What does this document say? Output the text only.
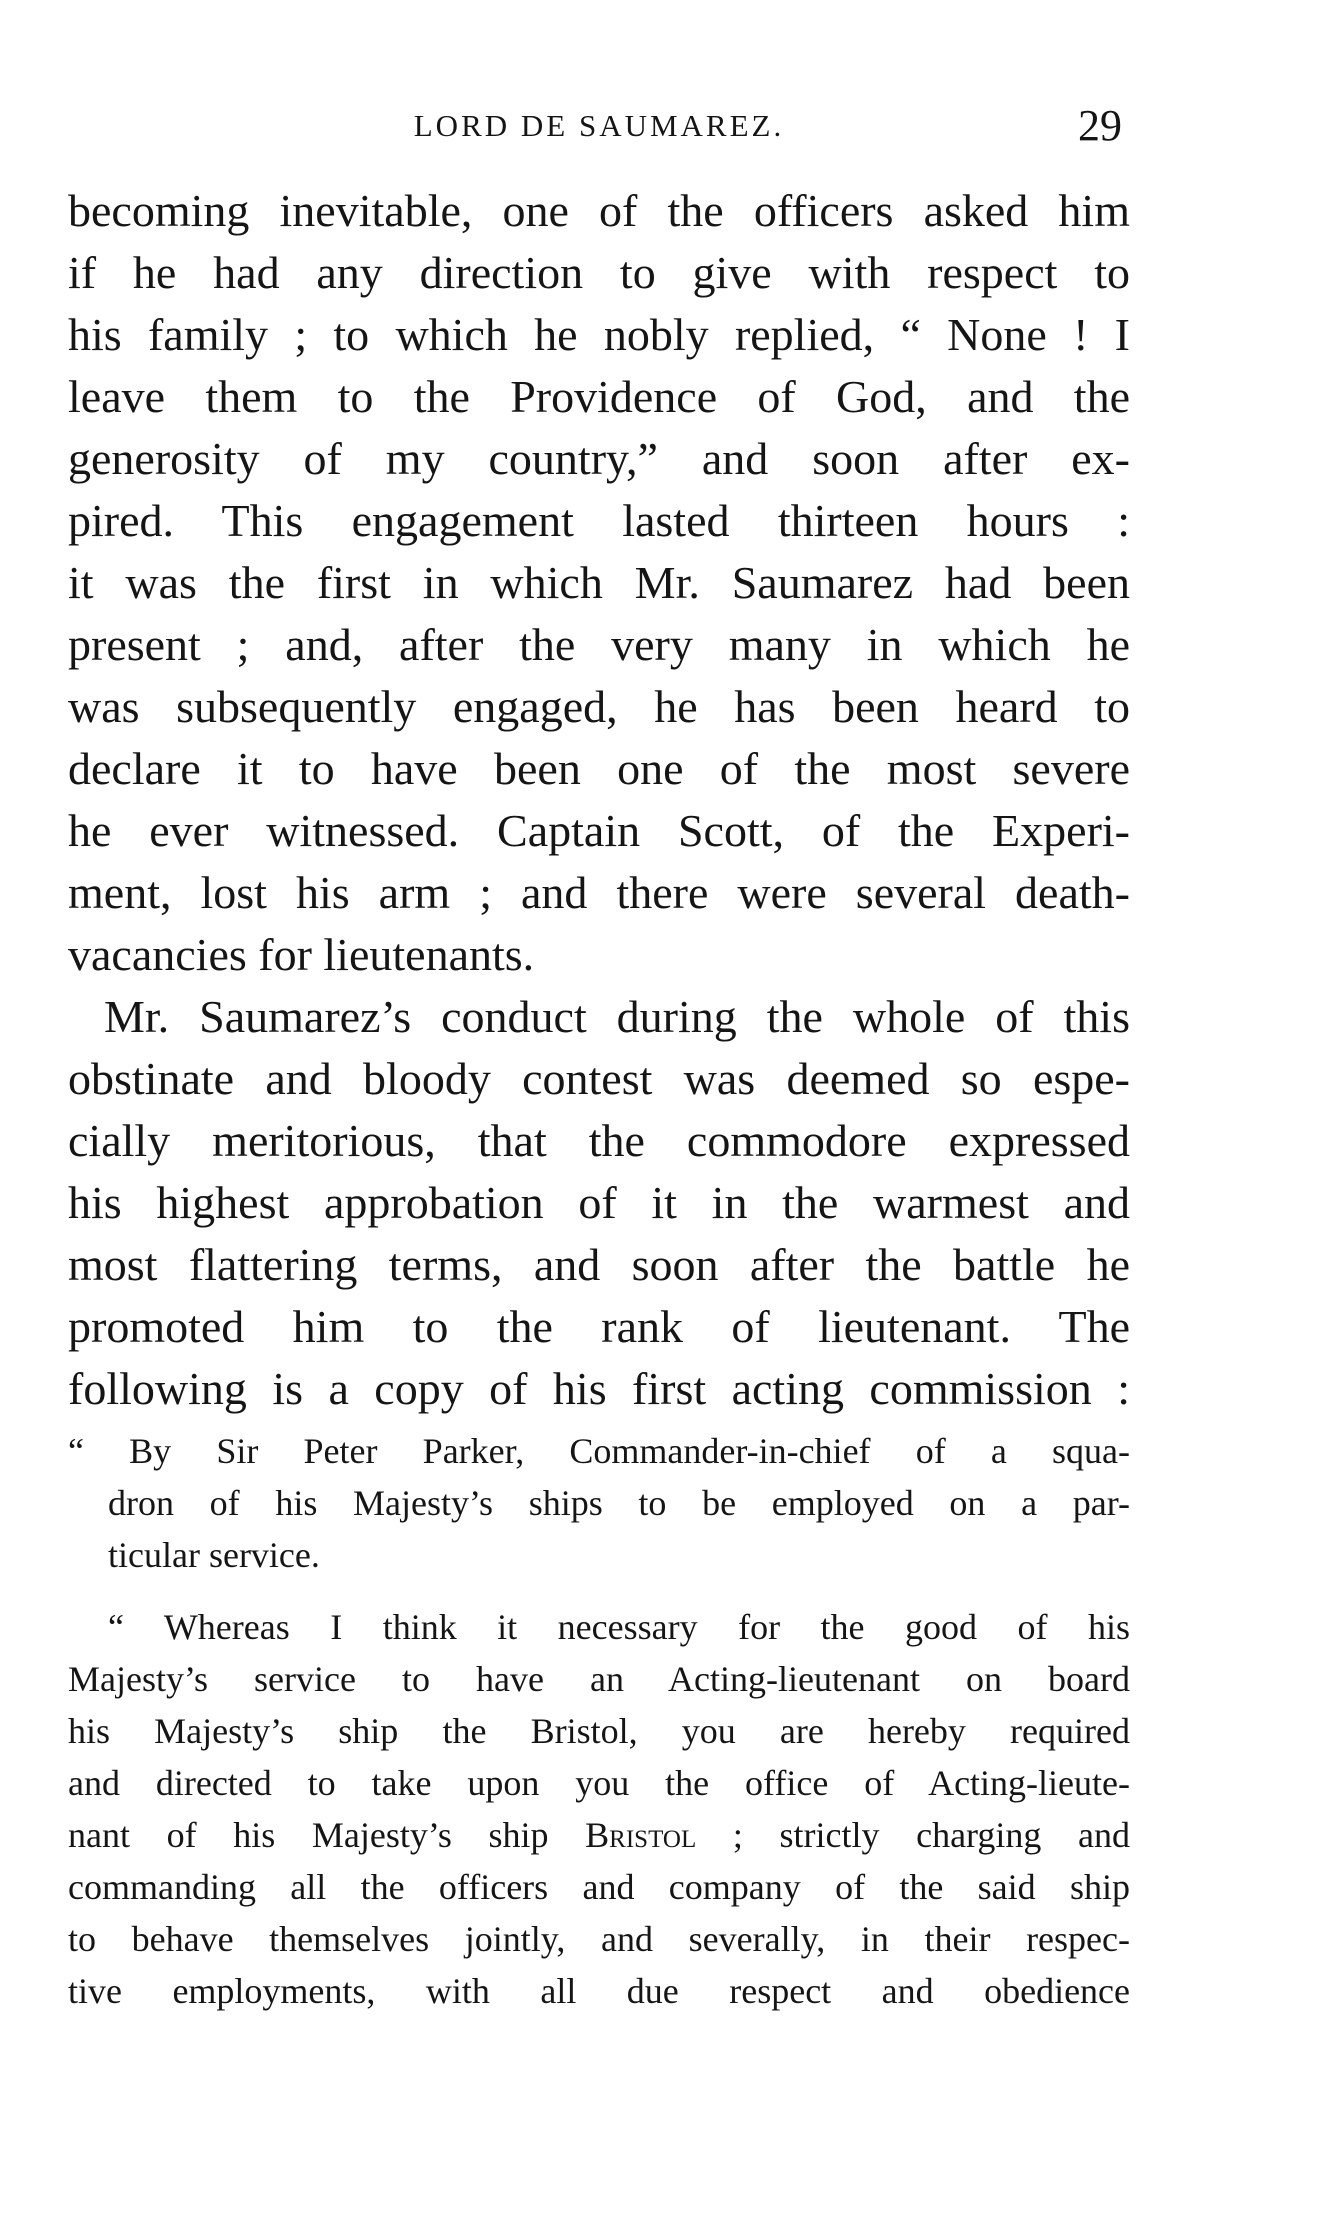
LORD DE SAUMAREZ.	29
becoming inevitable, one of the officers asked him
if he had any direction to give with respect to
his family ; to which he nobly replied, “ None ! I
leave them to the Providence of God, and the
generosity of my country,” and soon after ex-
pired. This engagement lasted thirteen hours :
it was the first in which Mr. Saumarez had been
present ; and, after the very many in which he
was subsequently engaged, he has been heard to
declare it to have been one of the most severe
he ever witnessed. Captain Scott, of the Experi-
ment, lost his arm ; and there were several death-
vacancies for lieutenants.
Mr. Saumarez’s conduct during the whole of this
obstinate and bloody contest was deemed so espe-
cially meritorious, that the commodore expressed
his highest approbation of it in the warmest and
most flattering terms, and soon after the battle he
promoted him to the rank of lieutenant. The
following is a copy of his first acting commission :
“ By Sir Peter Parker, Commander-in-chief of a squa-
dron of his Majesty’s ships to be employed on a par-
ticular service.
“ Whereas I think it necessary for the good of his
Majesty’s service to have an Acting-lieutenant on board
his Majesty’s ship the Bristol, you are hereby required
and directed to take upon you the office of Acting-lieute-
nant of his Majesty’s ship Bristol ; strictly charging and
commanding all the officers and company of the said ship
to behave themselves jointly, and severally, in their respec-
tive employments, with all due respect and obedience
